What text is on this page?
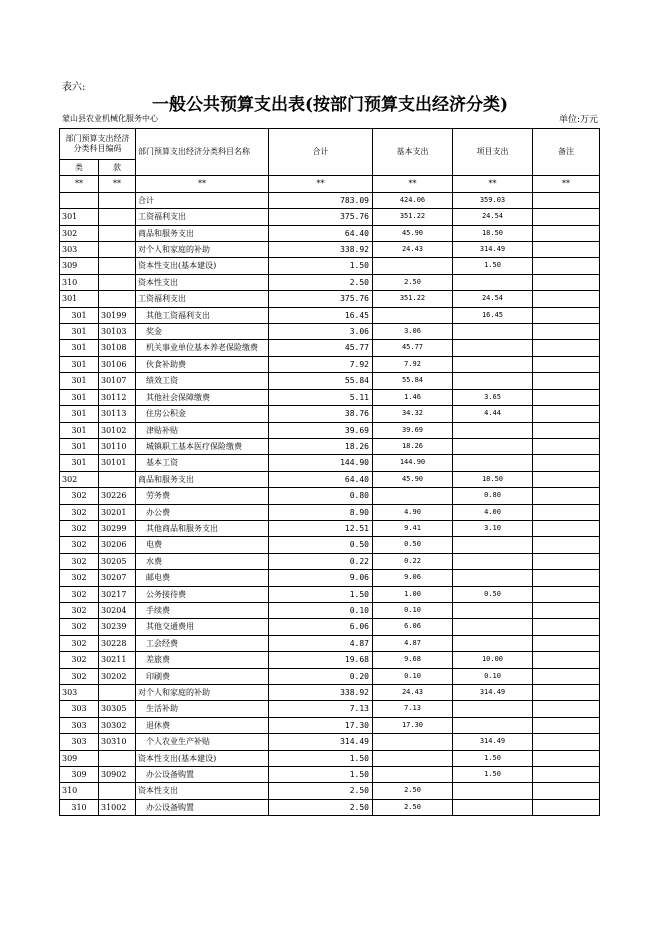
表六:
一般公共预算支出表(按部门预算支出经济分类)
蒙山县农业机械化服务中心	单位:万元
部门预算支出经济分类科目编码		部门预算支出经济分类科目名称	合计	基本支出	项目支出	备注
类	款					
**	**	**	**	**	**	**
		合计	783.09	424.06	359.03	
301		工资福利支出	375.76	351.22	24.54	
302		商品和服务支出	64.40	45.90	18.50	
303		对个人和家庭的补助	338.92	24.43	314.49	
309		资本性支出(基本建设)	1.50		1.50	
310		资本性支出	2.50	2.50		
301		工资福利支出	375.76	351.22	24.54	
301	30199	其他工资福利支出	16.45		16.45	
301	30103	奖金	3.06	3.06		
301	30108	机关事业单位基本养老保险缴费	45.77	45.77		
301	30106	伙食补助费	7.92	7.92		
301	30107	绩效工资	55.84	55.84		
301	30112	其他社会保障缴费	5.11	1.46	3.65	
301	30113	住房公积金	38.76	34.32	4.44	
301	30102	津贴补贴	39.69	39.69		
301	30110	城镇职工基本医疗保险缴费	18.26	18.26		
301	30101	基本工资	144.90	144.90		
302		商品和服务支出	64.40	45.90	18.50	
302	30226	劳务费	0.80		0.80	
302	30201	办公费	8.90	4.90	4.00	
302	30299	其他商品和服务支出	12.51	9.41	3.10	
302	30206	电费	0.50	0.50		
302	30205	水费	0.22	0.22		
302	30207	邮电费	9.06	9.06		
302	30217	公务接待费	1.50	1.00	0.50	
302	30204	手续费	0.10	0.10		
302	30239	其他交通费用	6.06	6.06		
302	30228	工会经费	4.87	4.87		
302	30211	差旅费	19.68	9.68	10.00	
302	30202	印刷费	0.20	0.10	0.10	
303		对个人和家庭的补助	338.92	24.43	314.49	
303	30305	生活补助	7.13	7.13		
303	30302	退休费	17.30	17.30		
303	30310	个人农业生产补贴	314.49		314.49	
309		资本性支出(基本建设)	1.50		1.50	
309	30902	办公设备购置	1.50		1.50	
310		资本性支出	2.50	2.50		
310	31002	办公设备购置	2.50	2.50		
